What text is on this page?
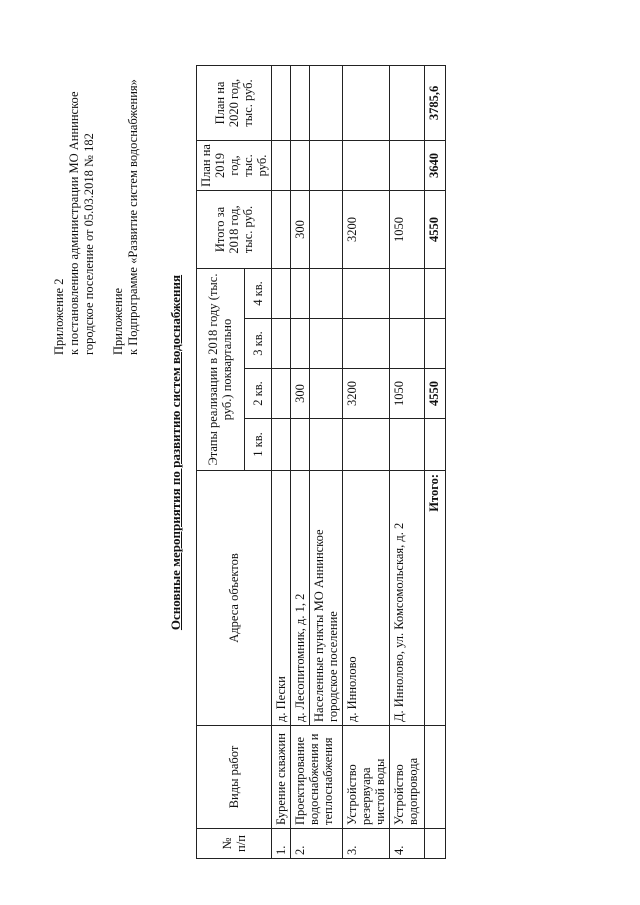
Приложение 2 к постановлению администрации МО Аннинское городское поселение от 05.03.2018 № 182 Приложение к Подпрограмме «Развитие систем водоснабжения»

Основные мероприятия по развитию систем водоснабжения
№ п/п	Виды работ	Адреса объектов	Этапы реализации в 2018 году (тыс. руб.) поквартально				Итого за 2018 год, тыс. руб.	План на 2019 год, тыс. руб.	План на 2020 год, тыс. руб.
			1 кв.	2 кв.	3 кв.	4 кв.			
1.	Бурение скважин	д. Пески							
2.	Проектирование водоснабжения и теплоснабжения	д. Лесопитомник, д. 1, 2		300			300		
		Населенные пункты МО Аннинское городское поселение							
3.	Устройство резервуара чистой воды	д. Иннолово		3200			3200		
4.	Устройство водопровода	Д. Иннолово, ул. Комсомольская, д. 2		1050			1050		
		Итого:		4550			4550	3640	3785,6
